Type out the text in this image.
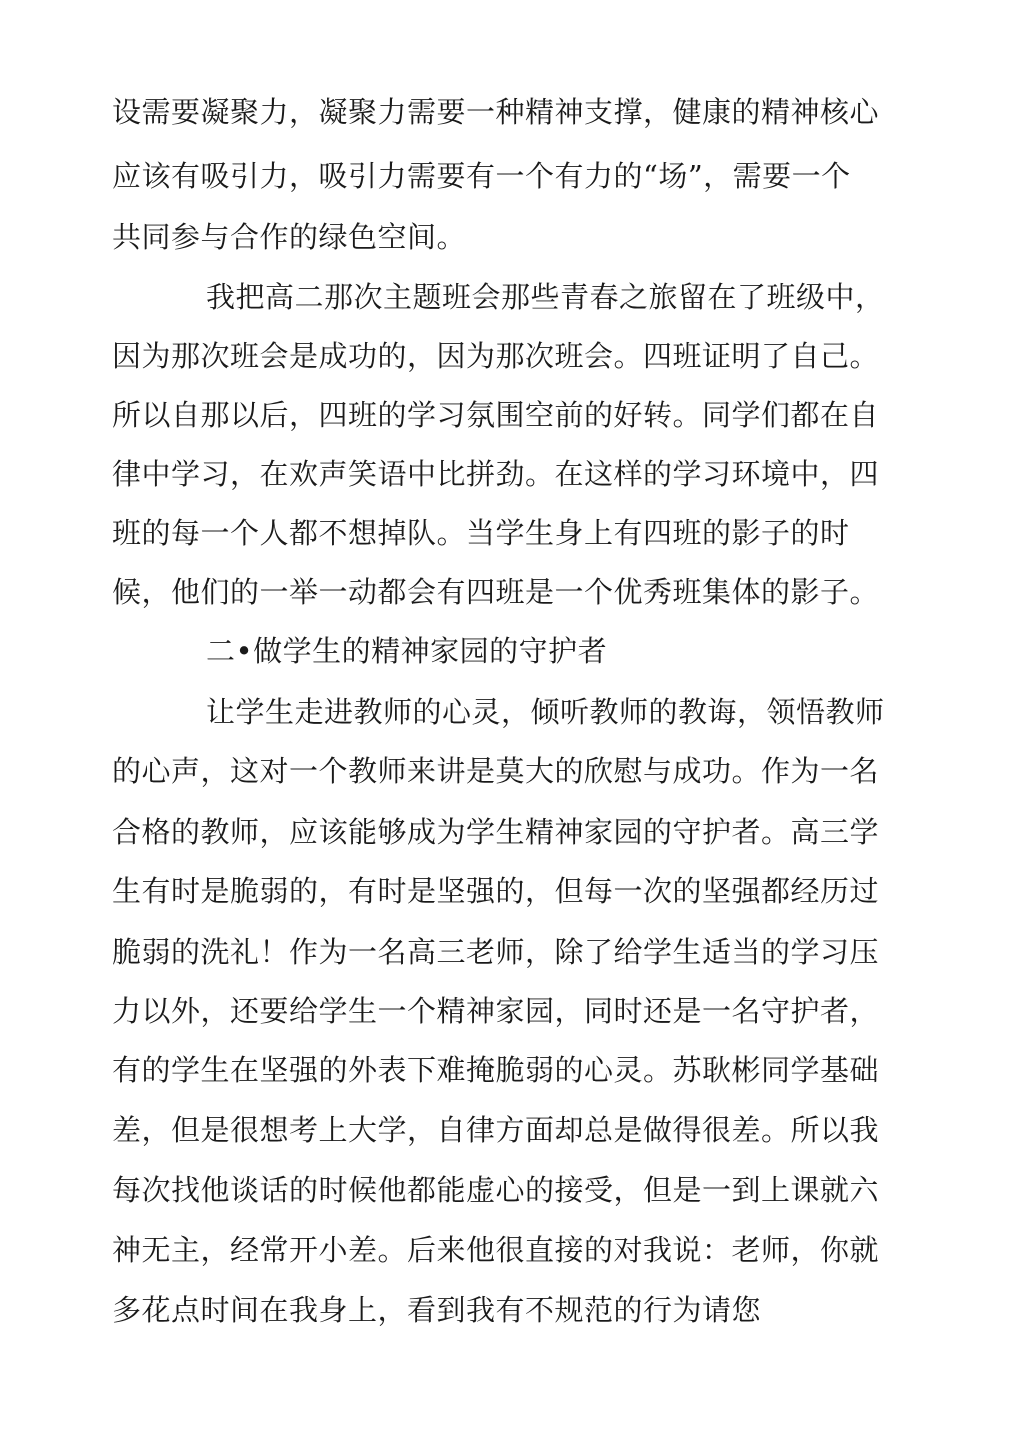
设需要凝聚力，凝聚力需要一种精神支撑，健康的精神核心
应该有吸引力，吸引力需要有一个有力的“场”，需要一个
共同参与合作的绿色空间。
我把高二那次主题班会那些青春之旅留在了班级中，
因为那次班会是成功的，因为那次班会。四班证明了自己。
所以自那以后，四班的学习氛围空前的好转。同学们都在自
律中学习，在欢声笑语中比拼劲。在这样的学习环境中，四
班的每一个人都不想掉队。当学生身上有四班的影子的时
候，他们的一举一动都会有四班是一个优秀班集体的影子。
二•做学生的精神家园的守护者
让学生走进教师的心灵，倾听教师的教诲，领悟教师
的心声，这对一个教师来讲是莫大的欣慰与成功。作为一名
合格的教师，应该能够成为学生精神家园的守护者。高三学
生有时是脆弱的，有时是坚强的，但每一次的坚强都经历过
脆弱的洗礼！作为一名高三老师，除了给学生适当的学习压
力以外，还要给学生一个精神家园，同时还是一名守护者，
有的学生在坚强的外表下难掩脆弱的心灵。苏耿彬同学基础
差，但是很想考上大学，自律方面却总是做得很差。所以我
每次找他谈话的时候他都能虚心的接受，但是一到上课就六
神无主，经常开小差。后来他很直接的对我说：老师，你就
多花点时间在我身上，看到我有不规范的行为请您
